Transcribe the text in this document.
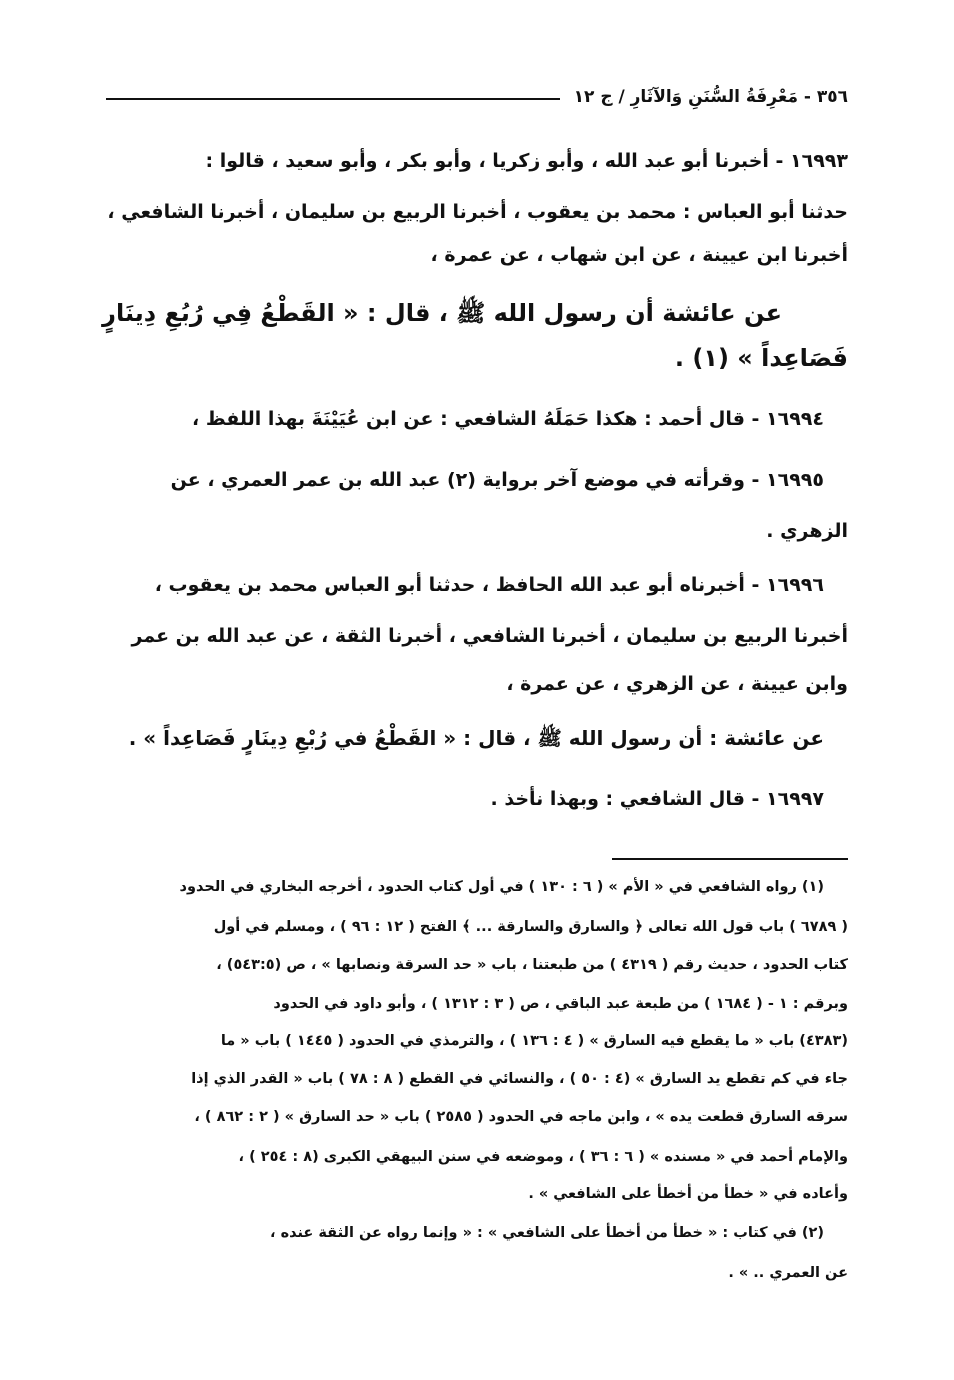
٣٥٦ - مَعْرِفَةُ السُّنَنِ وَالآثَارِ / ج ١٢
١٦٩٩٣ - أخبرنا أبو عبد الله ، وأبو زكريا ، وأبو بكر ، وأبو سعيد ، قالوا :
حدثنا أبو العباس : محمد بن يعقوب ، أخبرنا الربيع بن سليمان ، أخبرنا الشافعي ،
أخبرنا ابن عيينة ، عن ابن شهاب ، عن عمرة ،
عن عائشة أن رسول الله ﷺ ، قال : « القَطْعُ فِي رُبُعِ دِينَارٍ
فَصَاعِداً » (١) .
١٦٩٩٤ - قال أحمد : هكذا حَمَلَهُ الشافعي : عن ابن عُيَيْنَةَ بهذا اللفظ ،
١٦٩٩٥ - وقرأته في موضع آخر برواية (٢) عبد الله بن عمر العمري ، عن
الزهري .
١٦٩٩٦ - أخبرناه أبو عبد الله الحافظ ، حدثنا أبو العباس محمد بن يعقوب ،
أخبرنا الربيع بن سليمان ، أخبرنا الشافعي ، أخبرنا الثقة ، عن عبد الله بن عمر
وابن عيينة ، عن الزهري ، عن عمرة ،
عن عائشة : أن رسول الله ﷺ ، قال : « القَطْعُ في رُبْعِ دِينَارٍ فَصَاعِداً » .
١٦٩٩٧ - قال الشافعي : وبهذا نأخذ .
(١) رواه الشافعي في « الأم » ( ٦ : ١٣٠ ) في أول كتاب الحدود ، أخرجه البخاري في الحدود
( ٦٧٨٩ ) باب قول الله تعالى ﴿ والسارق والسارقة ... ﴾ الفتح ( ١٢ : ٩٦ ) ، ومسلم في أول
كتاب الحدود ، حديث رقم ( ٤٣١٩ ) من طبعتنا ، باب « حد السرقة ونصابها » ، ص (٥٤٣:٥) ،
وبرقم : ١ - ( ١٦٨٤ ) من طبعة عبد الباقي ، ص ( ٣ : ١٣١٢ ) ، وأبو داود في الحدود
(٤٣٨٣) باب « ما يقطع فيه السارق » ( ٤ : ١٣٦ ) ، والترمذي في الحدود ( ١٤٤٥ ) باب « ما
جاء في كم تقطع يد السارق » (٤ : ٥٠ ) ، والنسائي في القطع ( ٨ : ٧٨ ) باب « القدر الذي إذا
سرقه السارق قطعت يده » ، وابن ماجه في الحدود ( ٢٥٨٥ ) باب « حد السارق » ( ٢ : ٨٦٢ ) ،
والإمام أحمد في « مسنده » ( ٦ : ٣٦ ) ، وموضعه في سنن البيهقي الكبرى (٨ : ٢٥٤ ) ،
وأعاده في « خطأ من أخطأ على الشافعي » .
(٢) في كتاب : « خطأ من أخطأ على الشافعي » : « وإنما رواه عن الثقة عنده ،
عن العمري .. » .
